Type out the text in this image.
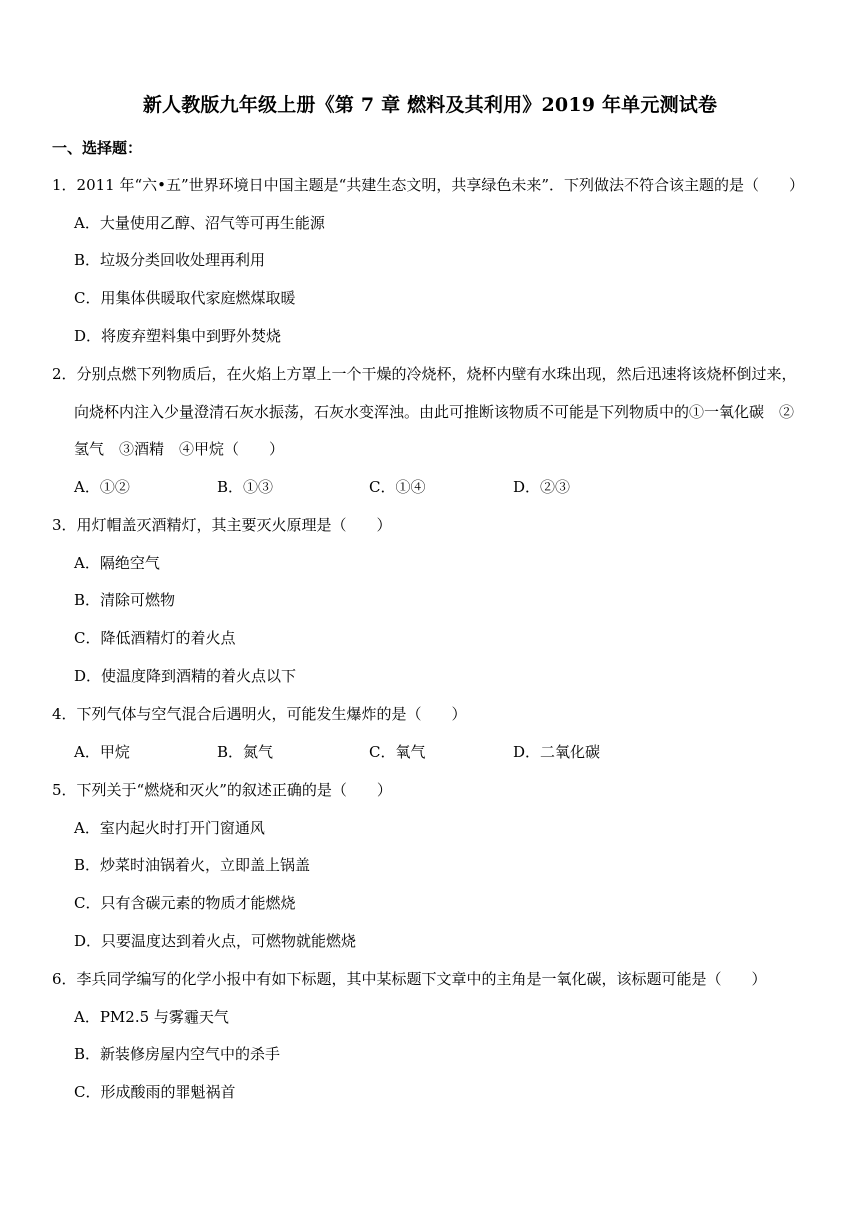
新人教版九年级上册《第 7 章 燃料及其利用》2019 年单元测试卷
一、选择题：
1．2011 年“六•五”世界环境日中国主题是“共建生态文明，共享绿色未来”．下列做法不符合该主题的是（　　）
A．大量使用乙醇、沼气等可再生能源
B．垃圾分类回收处理再利用
C．用集体供暖取代家庭燃煤取暖
D．将废弃塑料集中到野外焚烧
2．分别点燃下列物质后，在火焰上方罩上一个干燥的冷烧杯，烧杯内壁有水珠出现，然后迅速将该烧杯倒过来，
向烧杯内注入少量澄清石灰水振荡，石灰水变浑浊。由此可推断该物质不可能是下列物质中的①一氧化碳　②
氢气　③酒精　④甲烷（　　）
A．①②	B．①③	C．①④	D．②③
3．用灯帽盖灭酒精灯，其主要灭火原理是（　　）
A．隔绝空气
B．清除可燃物
C．降低酒精灯的着火点
D．使温度降到酒精的着火点以下
4．下列气体与空气混合后遇明火，可能发生爆炸的是（　　）
A．甲烷	B．氮气	C．氧气	D．二氧化碳
5．下列关于“燃烧和灭火”的叙述正确的是（　　）
A．室内起火时打开门窗通风
B．炒菜时油锅着火，立即盖上锅盖
C．只有含碳元素的物质才能燃烧
D．只要温度达到着火点，可燃物就能燃烧
6．李兵同学编写的化学小报中有如下标题，其中某标题下文章中的主角是一氧化碳，该标题可能是（　　）
A．PM2.5 与雾霾天气
B．新装修房屋内空气中的杀手
C．形成酸雨的罪魁祸首
